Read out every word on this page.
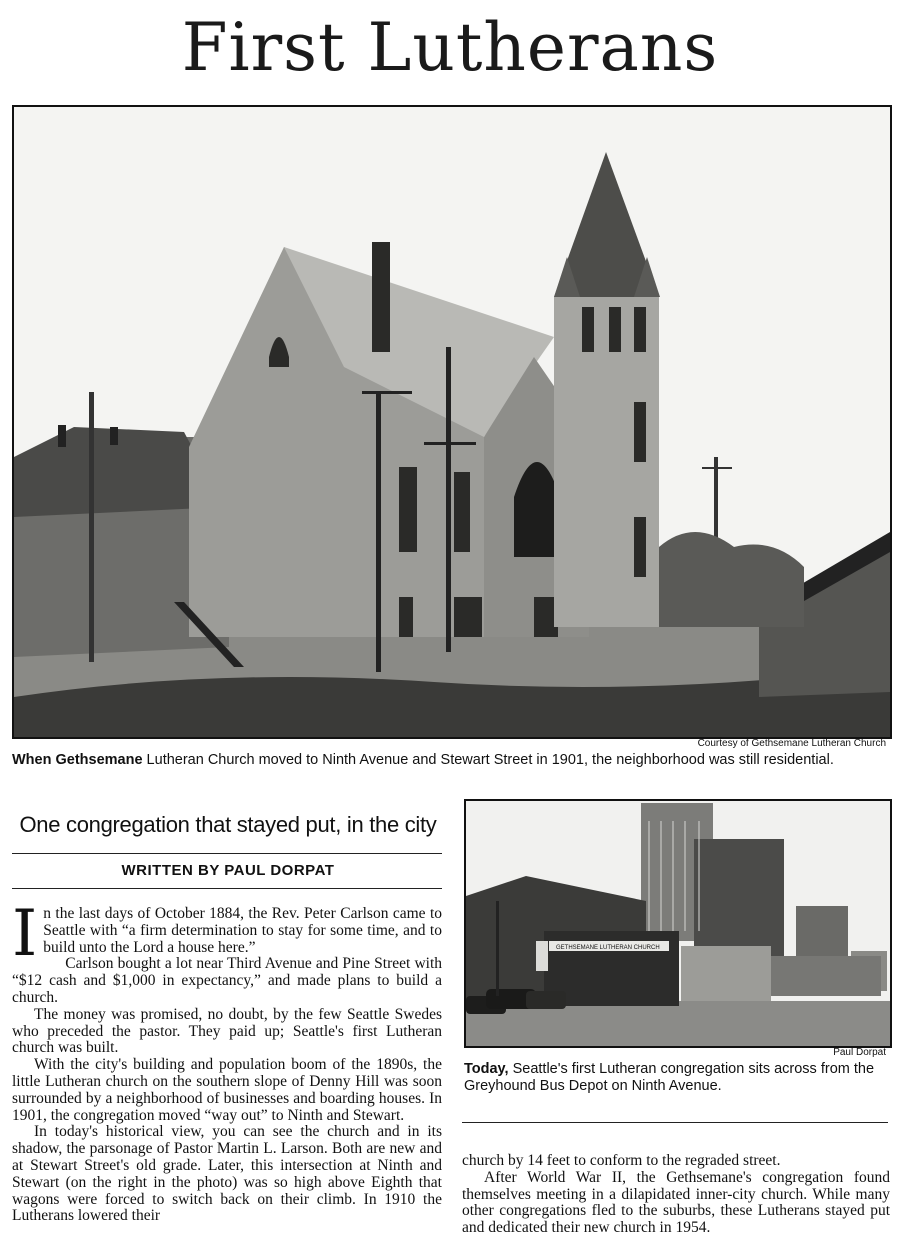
First Lutherans
Courtesy of Gethsemane Lutheran Church
When Gethsemane Lutheran Church moved to Ninth Avenue and Stewart Street in 1901, the neighborhood was still residential.
One congregation that stayed put, in the city
WRITTEN BY PAUL DORPAT

In the last days of October 1884, the Rev. Peter Carlson came to Seattle with “a firm determination to stay for some time, and to build unto the Lord a house here.”

Carlson bought a lot near Third Avenue and Pine Street with “$12 cash and $1,000 in expectancy,” and made plans to build a church.

The money was promised, no doubt, by the few Seattle Swedes who preceded the pastor. They paid up; Seattle's first Lutheran church was built.

With the city's building and population boom of the 1890s, the little Lutheran church on the southern slope of Denny Hill was soon surrounded by a neighborhood of businesses and boarding houses. In 1901, the congregation moved “way out” to Ninth and Stewart.

In today's historical view, you can see the church and in its shadow, the parsonage of Pastor Martin L. Larson. Both are new and at Stewart Street's old grade. Later, this intersection at Ninth and Stewart (on the right in the photo) was so high above Eighth that wagons were forced to switch back on their climb. In 1910 the Lutherans lowered their

GETHSEMANE LUTHERAN CHURCH
Paul Dorpat
Today, Seattle's first Lutheran congregation sits across from the Greyhound Bus Depot on Ninth Avenue.

church by 14 feet to conform to the regraded street.

After World War II, the Gethsemane's congregation found themselves meeting in a dilapidated inner-city church. While many other congregations fled to the suburbs, these Lutherans stayed put and dedicated their new church in 1954.
